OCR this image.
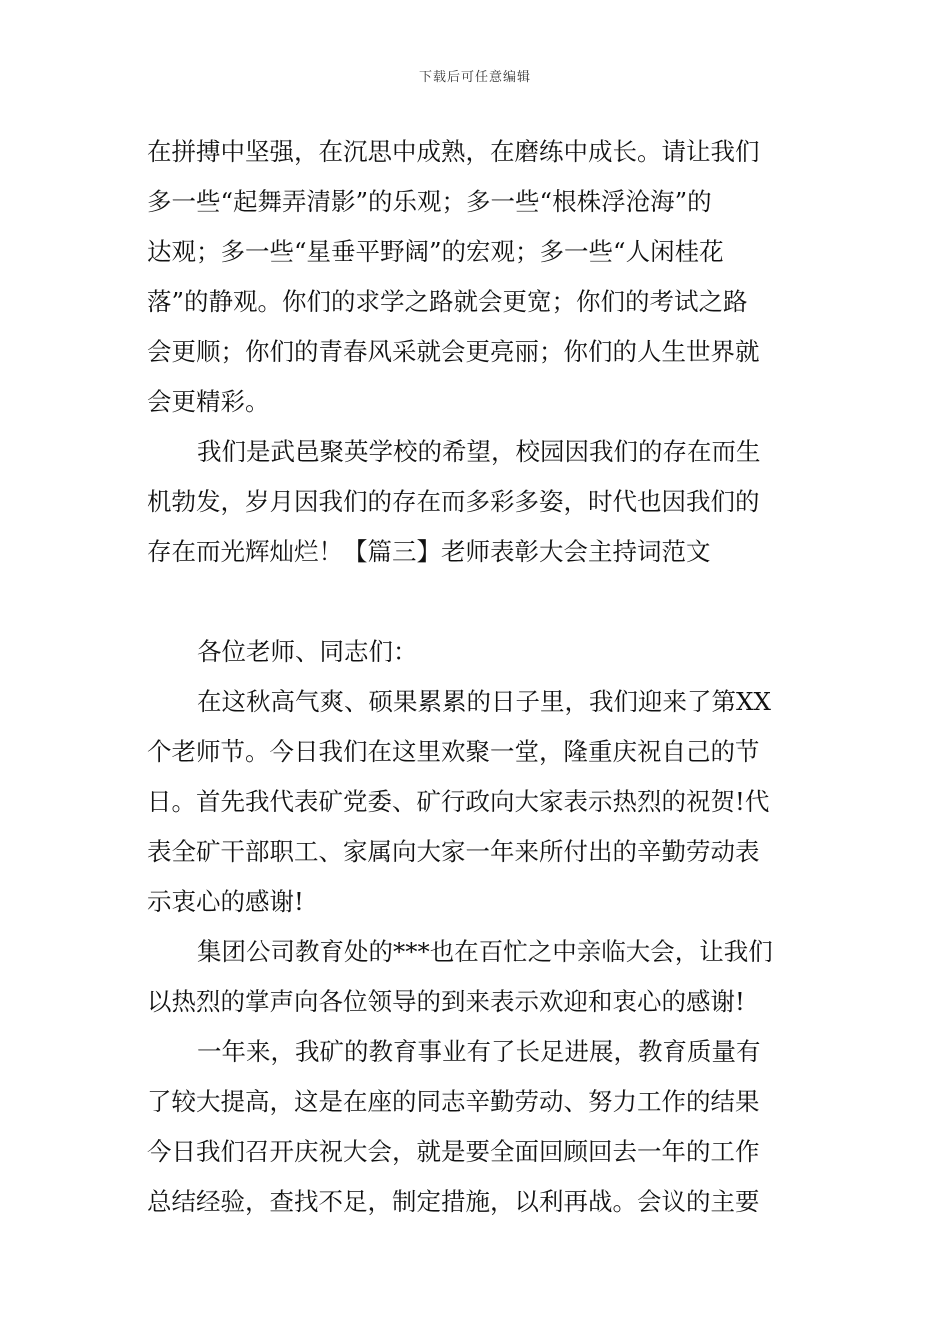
下载后可任意编辑
在拼搏中坚强，在沉思中成熟，在磨练中成长。请让我们
多一些“起舞弄清影”的乐观；多一些“根株浮沧海”的
达观；多一些“星垂平野阔”的宏观；多一些“人闲桂花
落”的静观。你们的求学之路就会更宽；你们的考试之路
会更顺；你们的青春风采就会更亮丽；你们的人生世界就
会更精彩。
我们是武邑聚英学校的希望，校园因我们的存在而生
机勃发，岁月因我们的存在而多彩多姿，时代也因我们的
存在而光辉灿烂！【篇三】老师表彰大会主持词范文
各位老师、同志们：
在这秋高气爽、硕果累累的日子里，我们迎来了第XX
个老师节。今日我们在这里欢聚一堂，隆重庆祝自己的节
日。首先我代表矿党委、矿行政向大家表示热烈的祝贺!代
表全矿干部职工、家属向大家一年来所付出的辛勤劳动表
示衷心的感谢!
集团公司教育处的***也在百忙之中亲临大会，让我们
以热烈的掌声向各位领导的到来表示欢迎和衷心的感谢!
一年来，我矿的教育事业有了长足进展，教育质量有
了较大提高，这是在座的同志辛勤劳动、努力工作的结果
今日我们召开庆祝大会，就是要全面回顾回去一年的工作
总结经验，查找不足，制定措施，以利再战。会议的主要
